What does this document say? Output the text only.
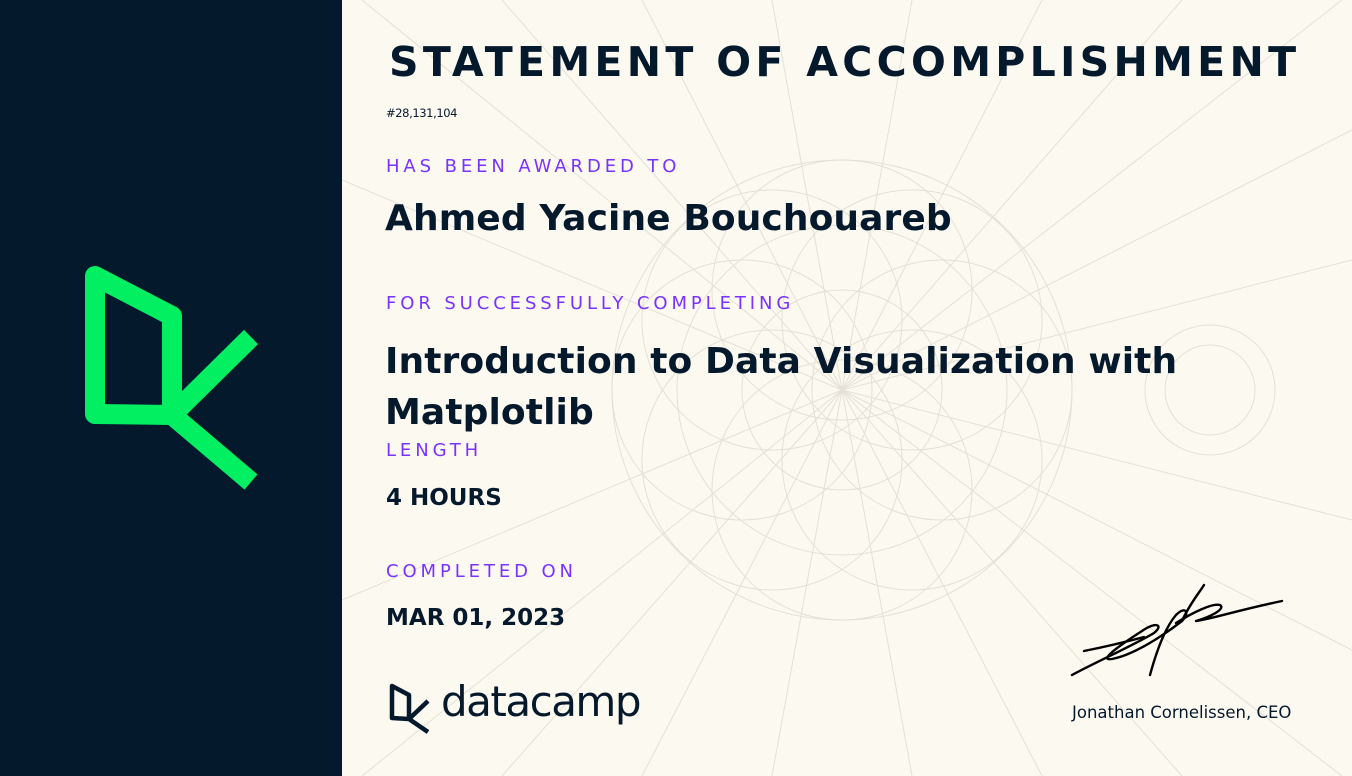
STATEMENT OF ACCOMPLISHMENT
#28,131,104
HAS BEEN AWARDED TO
Ahmed Yacine Bouchouareb
FOR SUCCESSFULLY COMPLETING
Introduction to Data Visualization with Matplotlib
LENGTH
4 HOURS
COMPLETED ON
MAR 01, 2023
datacamp	Jonathan Cornelissen, CEO
